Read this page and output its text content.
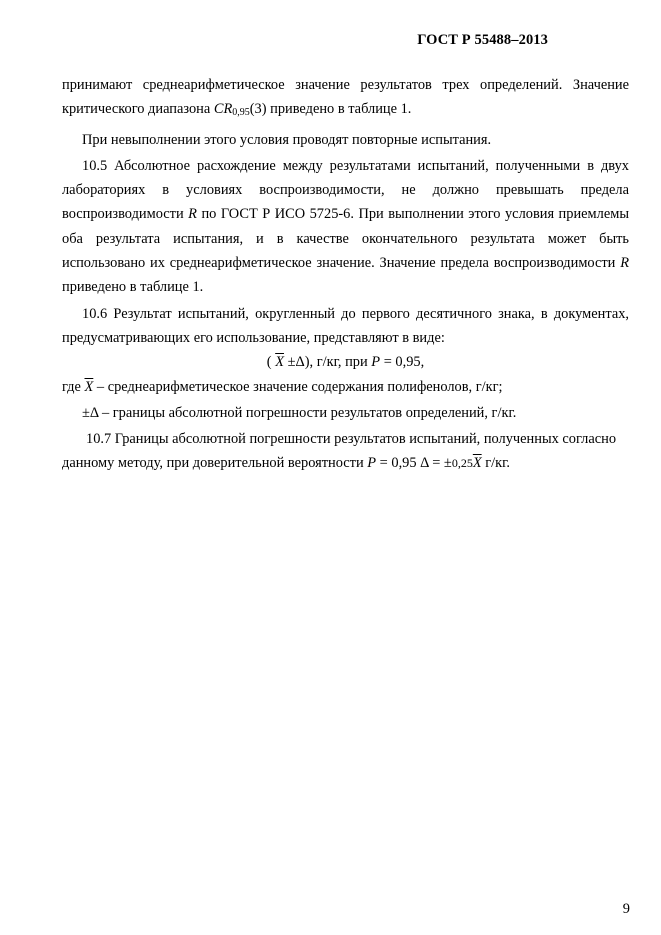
ГОСТ Р 55488–2013

принимают среднеарифметическое значение результатов трех определений. Значение критического диапазона $CR_{0,95}(3)$ приведено в таблице 1.

При невыполнении этого условия проводят повторные испытания.

10.5 Абсолютное расхождение между результатами испытаний, полученными в двух лабораториях в условиях воспроизводимости, не должно превышать предела воспроизводимости R по ГОСТ Р ИСО 5725-6. При выполнении этого условия приемлемы оба результата испытания, и в качестве окончательного результата может быть использовано их среднеарифметическое значение. Значение предела воспроизводимости R приведено в таблице 1.

10.6 Результат испытаний, округленный до первого десятичного знака, в документах, предусматривающих его использование, представляют в виде:

( $\overline{X} \pm\Delta$), г/кг, при P = 0,95,

где $\overline{X}$ – среднеарифметическое значение содержания полифенолов, г/кг;

±Δ – границы абсолютной погрешности результатов определений, г/кг.

10.7 Границы абсолютной погрешности результатов испытаний, полученных согласно данному методу, при доверительной вероятности P = 0,95 $\Delta = \pm 0,25\overline{X}$ г/кг.

9
